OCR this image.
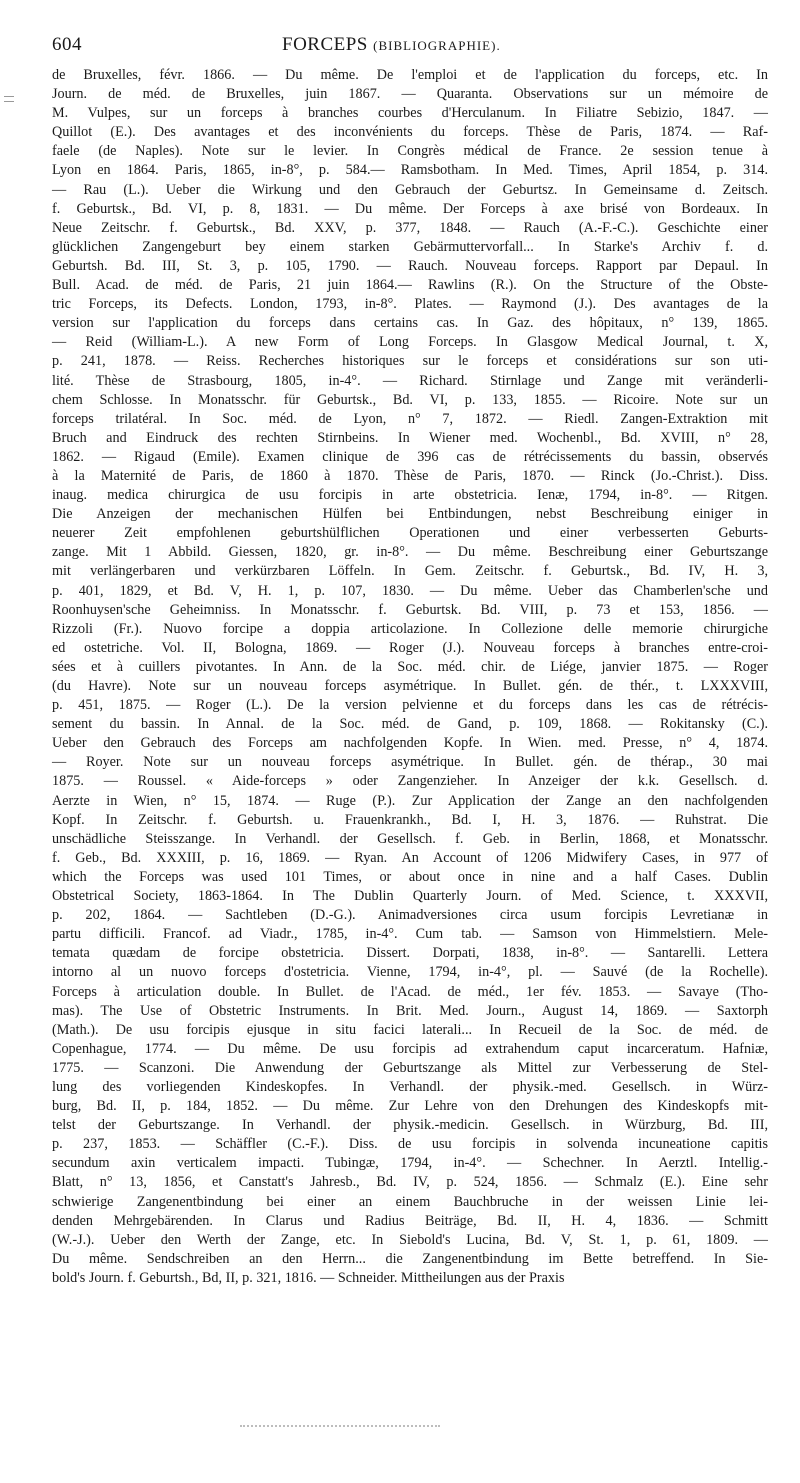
604	FORCEPS (BIBLIOGRAPHIE).

de Bruxelles, févr. 1866. — Du même. De l'emploi et de l'application du forceps, etc. In

Journ. de méd. de Bruxelles, juin 1867. — Quaranta. Observations sur un mémoire de

M. Vulpes, sur un forceps à branches courbes d'Herculanum. In Filiatre Sebizio, 1847. —

Quillot (E.). Des avantages et des inconvénients du forceps. Thèse de Paris, 1874. — Raf-

faele (de Naples). Note sur le levier. In Congrès médical de France. 2e session tenue à

Lyon en 1864. Paris, 1865, in-8°, p. 584.— Ramsbotham. In Med. Times, April 1854, p. 314.

— Rau (L.). Ueber die Wirkung und den Gebrauch der Geburtsz. In Gemeinsame d. Zeitsch.

f. Geburtsk., Bd. VI, p. 8, 1831. — Du même. Der Forceps à axe brisé von Bordeaux. In

Neue Zeitschr. f. Geburtsk., Bd. XXV, p. 377, 1848. — Rauch (A.-F.-C.). Geschichte einer

glücklichen Zangengeburt bey einem starken Gebärmuttervorfall... In Starke's Archiv f. d.

Geburtsh. Bd. III, St. 3, p. 105, 1790. — Rauch. Nouveau forceps. Rapport par Depaul. In

Bull. Acad. de méd. de Paris, 21 juin 1864.— Rawlins (R.). On the Structure of the Obste-

tric Forceps, its Defects. London, 1793, in-8°. Plates. — Raymond (J.). Des avantages de la

version sur l'application du forceps dans certains cas. In Gaz. des hôpitaux, n° 139, 1865.

— Reid (William-L.). A new Form of Long Forceps. In Glasgow Medical Journal, t. X,

p. 241, 1878. — Reiss. Recherches historiques sur le forceps et considérations sur son uti-

lité. Thèse de Strasbourg, 1805, in-4°. — Richard. Stirnlage und Zange mit veränderli-

chem Schlosse. In Monatsschr. für Geburtsk., Bd. VI, p. 133, 1855. — Ricoire. Note sur un

forceps trilatéral. In Soc. méd. de Lyon, n° 7, 1872. — Riedl. Zangen-Extraktion mit

Bruch and Eindruck des rechten Stirnbeins. In Wiener med. Wochenbl., Bd. XVIII, n° 28,

1862. — Rigaud (Emile). Examen clinique de 396 cas de rétrécissements du bassin, observés

à la Maternité de Paris, de 1860 à 1870. Thèse de Paris, 1870. — Rinck (Jo.-Christ.). Diss.

inaug. medica chirurgica de usu forcipis in arte obstetricia. Ienæ, 1794, in-8°. — Ritgen.

Die Anzeigen der mechanischen Hülfen bei Entbindungen, nebst Beschreibung einiger in

neuerer Zeit empfohlenen geburtshülflichen Operationen und einer verbesserten Geburts-

zange. Mit 1 Abbild. Giessen, 1820, gr. in-8°. — Du même. Beschreibung einer Geburtszange

mit verlängerbaren und verkürzbaren Löffeln. In Gem. Zeitschr. f. Geburtsk., Bd. IV, H. 3,

p. 401, 1829, et Bd. V, H. 1, p. 107, 1830. — Du même. Ueber das Chamberlen'sche und

Roonhuysen'sche Geheimniss. In Monatsschr. f. Geburtsk. Bd. VIII, p. 73 et 153, 1856. —

Rizzoli (Fr.). Nuovo forcipe a doppia articolazione. In Collezione delle memorie chirurgiche

ed ostetriche. Vol. II, Bologna, 1869. — Roger (J.). Nouveau forceps à branches entre-croi-

sées et à cuillers pivotantes. In Ann. de la Soc. méd. chir. de Liége, janvier 1875. — Roger

(du Havre). Note sur un nouveau forceps asymétrique. In Bullet. gén. de thér., t. LXXXVIII,

p. 451, 1875. — Roger (L.). De la version pelvienne et du forceps dans les cas de rétrécis-

sement du bassin. In Annal. de la Soc. méd. de Gand, p. 109, 1868. — Rokitansky (C.).

Ueber den Gebrauch des Forceps am nachfolgenden Kopfe. In Wien. med. Presse, n° 4, 1874.

— Royer. Note sur un nouveau forceps asymétrique. In Bullet. gén. de thérap., 30 mai

1875. — Roussel. « Aide-forceps » oder Zangenzieher. In Anzeiger der k.k. Gesellsch. d.

Aerzte in Wien, n° 15, 1874. — Ruge (P.). Zur Application der Zange an den nachfolgenden

Kopf. In Zeitschr. f. Geburtsh. u. Frauenkrankh., Bd. I, H. 3, 1876. — Ruhstrat. Die

unschädliche Steisszange. In Verhandl. der Gesellsch. f. Geb. in Berlin, 1868, et Monatsschr.

f. Geb., Bd. XXXIII, p. 16, 1869. — Ryan. An Account of 1206 Midwifery Cases, in 977 of

which the Forceps was used 101 Times, or about once in nine and a half Cases. Dublin

Obstetrical Society, 1863-1864. In The Dublin Quarterly Journ. of Med. Science, t. XXXVII,

p. 202, 1864. — Sachtleben (D.-G.). Animadversiones circa usum forcipis Levretianæ in

partu difficili. Francof. ad Viadr., 1785, in-4°. Cum tab. — Samson von Himmelstiern. Mele-

temata quædam de forcipe obstetricia. Dissert. Dorpati, 1838, in-8°. — Santarelli. Lettera

intorno al un nuovo forceps d'ostetricia. Vienne, 1794, in-4°, pl. — Sauvé (de la Rochelle).

Forceps à articulation double. In Bullet. de l'Acad. de méd., 1er fév. 1853. — Savaye (Tho-

mas). The Use of Obstetric Instruments. In Brit. Med. Journ., August 14, 1869. — Saxtorph

(Math.). De usu forcipis ejusque in situ facici laterali... In Recueil de la Soc. de méd. de

Copenhague, 1774. — Du même. De usu forcipis ad extrahendum caput incarceratum. Hafniæ,

1775. — Scanzoni. Die Anwendung der Geburtszange als Mittel zur Verbesserung de Stel-

lung des vorliegenden Kindeskopfes. In Verhandl. der physik.-med. Gesellsch. in Würz-

burg, Bd. II, p. 184, 1852. — Du même. Zur Lehre von den Drehungen des Kindeskopfs mit-

telst der Geburtszange. In Verhandl. der physik.-medicin. Gesellsch. in Würzburg, Bd. III,

p. 237, 1853. — Schäffler (C.-F.). Diss. de usu forcipis in solvenda incuneatione capitis

secundum axin verticalem impacti. Tubingæ, 1794, in-4°. — Schechner. In Aerztl. Intellig.-

Blatt, n° 13, 1856, et Canstatt's Jahresb., Bd. IV, p. 524, 1856. — Schmalz (E.). Eine sehr

schwierige Zangenentbindung bei einer an einem Bauchbruche in der weissen Linie lei-

denden Mehrgebärenden. In Clarus und Radius Beiträge, Bd. II, H. 4, 1836. — Schmitt

(W.-J.). Ueber den Werth der Zange, etc. In Siebold's Lucina, Bd. V, St. 1, p. 61, 1809. —

Du même. Sendschreiben an den Herrn... die Zangenentbindung im Bette betreffend. In Sie-

bold's Journ. f. Geburtsh., Bd, II, p. 321, 1816. — Schneider. Mittheilungen aus der Praxis
